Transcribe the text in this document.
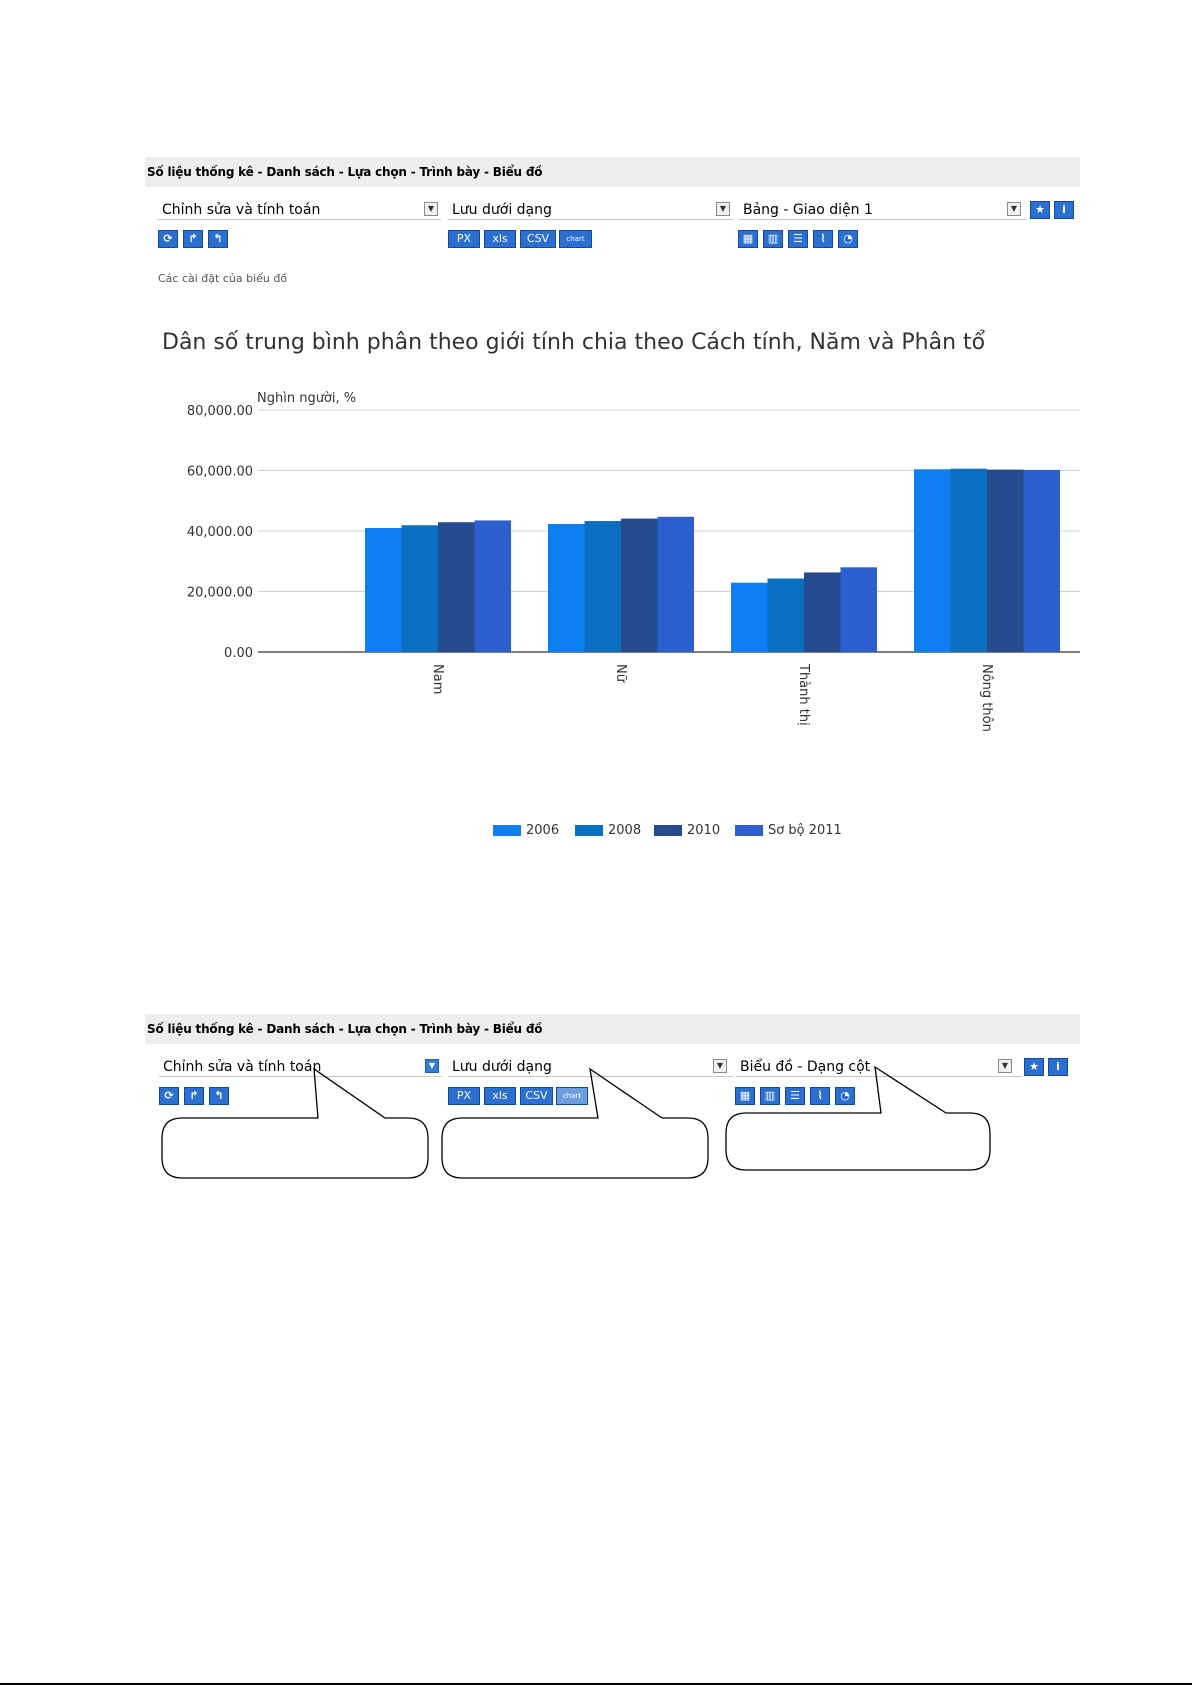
Số liệu thống kê - Danh sách - Lựa chọn - Trình bày - Biểu đồ
Chỉnh sửa và tính toán	▼ Lưu dưới dạng	▼ Bảng - Giao diện 1	▼	★	i
⟳	↱	↰	PX	xls	CSV	chart	▦	▥	☰	⌇	◔
Các cài đặt của biểu đồ
Dân số trung bình phân theo giới tính chia theo Cách tính, Năm và Phân tổ
Nghìn người, %
80,000.00
60,000.00
40,000.00
20,000.00
0.00
Nam	Nữ	Thành thị	Nông thôn
2006	2008	2010	Sơ bộ 2011
Số liệu thống kê - Danh sách - Lựa chọn - Trình bày - Biểu đồ
Chỉnh sửa và tính toán	▼ Lưu dưới dạng	▼ Biểu đồ - Dạng cột	▼	★	i
⟳	↱	↰	PX	xls	CSV	chart	▦	▥	☰	⌇	◔
